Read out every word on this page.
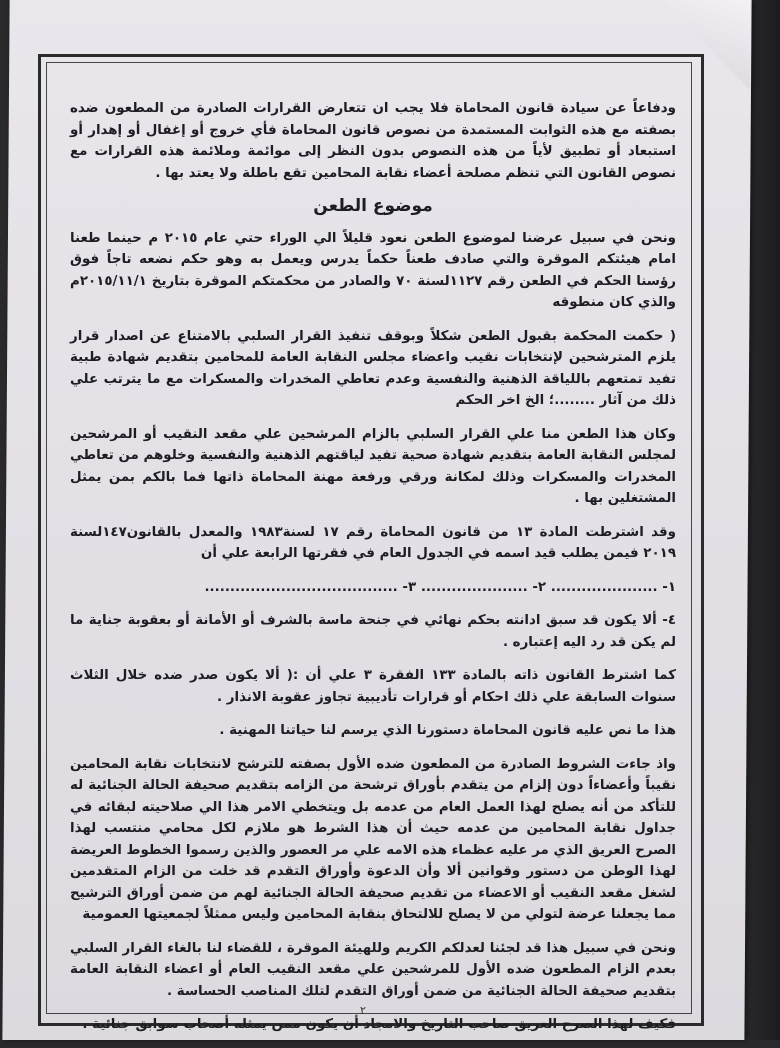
ودفاعاً عن سيادة قانون المحاماة فلا يجب ان تتعارض القرارات الصادرة من المطعون ضده بصفته مع هذه الثوابت المستمدة من نصوص قانون المحاماة فأي خروج أو إغفال أو إهدار أو استبعاد أو تطبيق لأياً من هذه النصوص بدون النظر إلى موائمة وملائمة هذه القرارات مع نصوص القانون التي تنظم مصلحة أعضاء نقابة المحامين تقع باطلة ولا يعتد بها .

موضوع الطعن

ونحن في سبيل عرضنا لموضوع الطعن نعود قليلاً الي الوراء حتي عام ٢٠١٥ م حينما طعنا امام هيئتكم الموقرة والتي صادف طعناً حكماً يدرس ويعمل به وهو حكم نضعه تاجاً فوق رؤسنا الحكم في الطعن رقم ١١٢٧لسنة ٧٠ والصادر من محكمتكم الموقرة بتاريخ ٢٠١٥/١١/١م والذي كان منطوقه

( حكمت المحكمة بقبول الطعن شكلاً وبوقف تنفيذ القرار السلبي بالامتناع عن اصدار قرار يلزم المترشحين لإنتخابات نقيب واعضاء مجلس النقابة العامة للمحامين بتقديم شهادة طبية تفيد تمتعهم باللياقة الذهنية والنفسية وعدم تعاطي المخدرات والمسكرات مع ما يترتب علي ذلك من آثار ........؛ الخ اخر الحكم

وكان هذا الطعن منا علي القرار السلبي بالزام المرشحين علي مقعد النقيب أو المرشحين لمجلس النقابة العامة بتقديم شهادة صحية تفيد لياقتهم الذهنية والنفسية وخلوهم من تعاطي المخدرات والمسكرات وذلك لمكانة ورقي ورفعة مهنة المحاماة ذاتها فما بالكم بمن يمثل المشتغلين بها .

وقد اشترطت المادة ١٣ من قانون المحاماة رقم ١٧ لسنة١٩٨٣ والمعدل بالقانون١٤٧لسنة ٢٠١٩ فيمن يطلب قيد اسمه في الجدول العام في فقرتها الرابعة علي أن

١- ..................... ٢- ..................... ٣- ......................................

٤- ألا يكون قد سبق ادانته بحكم نهائي في جنحة ماسة بالشرف أو الأمانة أو بعقوبة جناية ما لم يكن قد رد اليه إعتباره .

كما اشترط القانون ذاته بالمادة ١٣٣ الفقرة ٣ علي أن :( ألا يكون صدر ضده خلال الثلاث سنوات السابقة علي ذلك احكام أو قرارات تأديبية تجاوز عقوبة الانذار .

هذا ما نص عليه قانون المحاماة دستورنا الذي يرسم لنا حياتنا المهنية .

واذ جاءت الشروط الصادرة من المطعون ضده الأول بصفته للترشح لانتخابات نقابة المحامين نقيباً وأعضاءاً دون إلزام من يتقدم بأوراق ترشحة من الزامه بتقديم صحيفة الحالة الجنائية له للتأكد من أنه يصلح لهذا العمل العام من عدمه بل ويتخطي الامر هذا الي صلاحيته لبقائه في جداول نقابة المحامين من عدمه حيث أن هذا الشرط هو ملازم لكل محامي منتسب لهذا الصرح العريق الذي مر عليه عظماء هذه الامه علي مر العصور والذين رسموا الخطوط العريضة لهذا الوطن من دستور وقوانين ألا وأن الدعوة وأوراق التقدم قد خلت من الزام المتقدمين لشغل مقعد النقيب أو الاعضاء من تقديم صحيفة الحالة الجنائية لهم من ضمن أوراق الترشيح مما يجعلنا عرضة لتولي من لا يصلح للالتحاق بنقابة المحامين وليس ممثلاً لجمعيتها العمومية

ونحن في سبيل هذا قد لجئنا لعدلكم الكريم وللهيئة الموقرة ، للقضاء لنا بالغاء القرار السلبي بعدم الزام المطعون ضده الأول للمرشحين علي مقعد النقيب العام أو اعضاء النقابة العامة بتقديم صحيفة الحالة الجنائية من ضمن أوراق التقدم لتلك المناصب الحساسة .

فكيف لهذا الصرح العريق صاحب التاريخ والامجاد أن يكون ممن يمثله أصحاب سوابق جنائية .

٢
